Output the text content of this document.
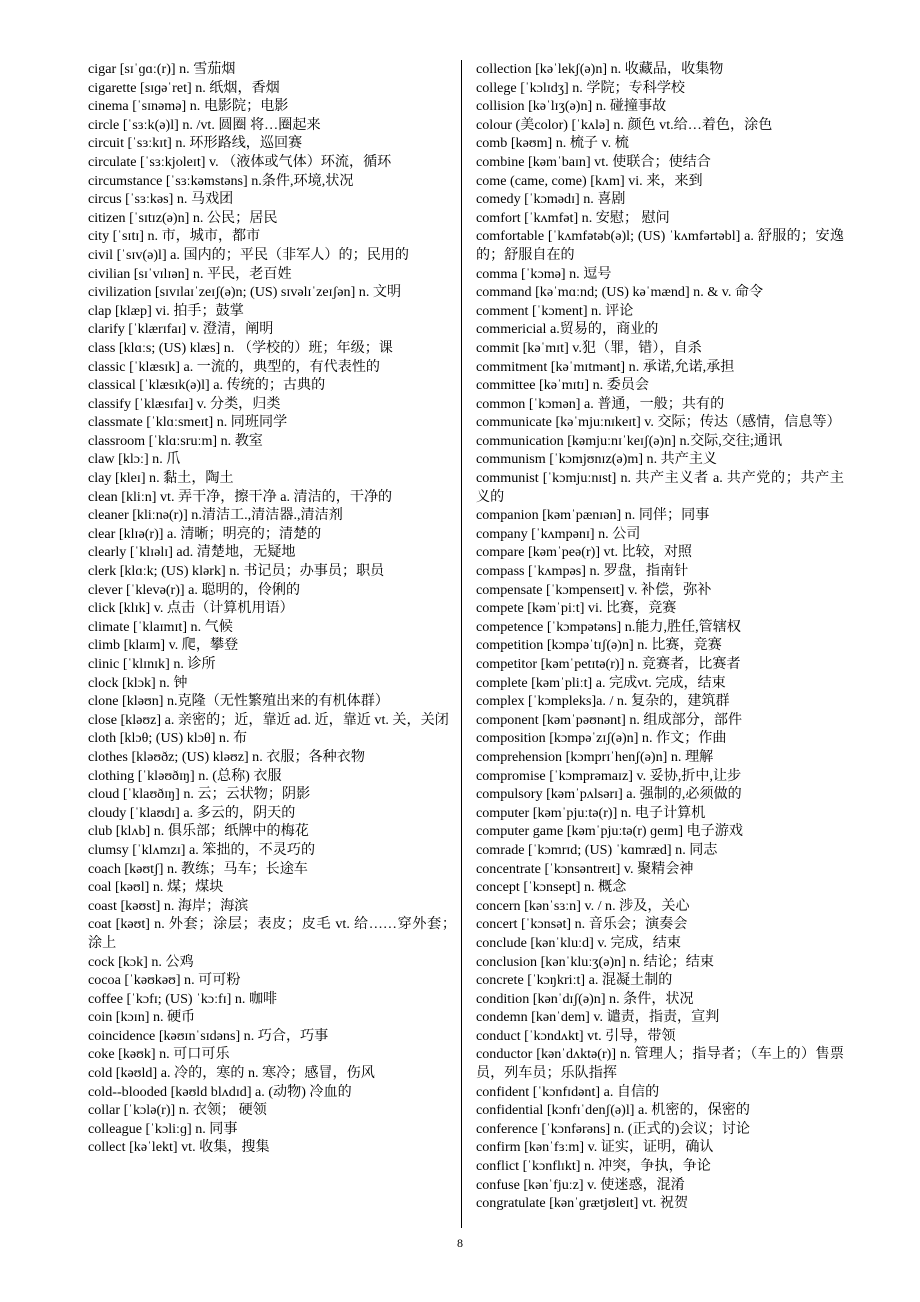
cigar [sɪˈɡɑː(r)] n. 雪茄烟

cigarette [sɪɡəˈret] n. 纸烟，香烟

cinema [ˈsɪnəmə] n. 电影院；电影

circle [ˈsɜːk(ə)l] n. /vt. 圆圈 将…圈起来

circuit [ˈsɜːkɪt] n. 环形路线，巡回赛

circulate [ˈsɜːkjoleɪt] v. （液体或气体）环流，循环

circumstance [ˈsɜːkəmstəns] n.条件,环境,状况

circus [ˈsɜːkəs] n. 马戏团

citizen [ˈsɪtɪz(ə)n] n. 公民；居民

city [ˈsɪtɪ] n. 市，城市，都市

civil [ˈsɪv(ə)l] a. 国内的；平民（非军人）的；民用的

civilian [sɪˈvɪlɪən] n. 平民，老百姓

civilization [sɪvɪlaɪˈzeɪʃ(ə)n; (US) sɪvəlɪˈzeɪʃən] n. 文明

clap [klæp] vi. 拍手；鼓掌

clarify [ˈklærɪfaɪ] v. 澄清，阐明

class [klɑːs; (US) klæs] n. （学校的）班；年级；课

classic [ˈklæsɪk] a. 一流的，典型的，有代表性的

classical [ˈklæsɪk(ə)l] a. 传统的；古典的

classify [ˈklæsɪfaɪ] v. 分类，归类

classmate [ˈklɑːsmeɪt] n. 同班同学

classroom [ˈklɑːsruːm] n. 教室

claw [klɔː] n. 爪

clay [kleɪ] n. 黏土，陶土

clean [kliːn] vt. 弄干净，擦干净 a. 清洁的，干净的

cleaner [kliːnə(r)] n.清洁工.,清洁器.,清洁剂

clear [klɪə(r)] a. 清晰；明亮的；清楚的

clearly [ˈklɪəlɪ] ad. 清楚地，无疑地

clerk [klɑːk; (US) klərk] n. 书记员；办事员；职员

clever [ˈklevə(r)] a. 聪明的，伶俐的

click [klɪk] v. 点击（计算机用语）

climate [ˈklaɪmɪt] n. 气候

climb [klaɪm] v. 爬，攀登

clinic [ˈklɪnɪk] n. 诊所

clock [klɔk] n. 钟

clone [kləʊn] n.克隆（无性繁殖出来的有机体群）

close [kləʊz] a. 亲密的；近，靠近 ad. 近，靠近 vt. 关，关闭

cloth [klɔθ; (US) klɔθ] n. 布

clothes [kləʊðz; (US) kləʊz] n. 衣服；各种衣物

clothing [ˈkləʊðɪŋ] n. (总称) 衣服

cloud [ˈklaʊðɪŋ] n. 云；云状物；阴影

cloudy [ˈklaʊdɪ] a. 多云的，阴天的

club [klʌb] n. 俱乐部；纸牌中的梅花

clumsy [ˈklʌmzɪ] a. 笨拙的，不灵巧的

coach [kəʊtʃ] n. 教练；马车；长途车

coal [kəʊl] n. 煤；煤块

coast [kəʊst] n. 海岸；海滨

coat [kəʊt] n. 外套；涂层；表皮；皮毛 vt. 给……穿外套；涂上

cock [kɔk] n. 公鸡

cocoa [ˈkəʊkəʊ] n. 可可粉

coffee [ˈkɔfɪ; (US) ˈkɔːfɪ] n. 咖啡

coin [kɔɪn] n. 硬币

coincidence [kəʊɪnˈsɪdəns] n. 巧合，巧事

coke [kəʊk] n. 可口可乐

cold [kəʊld] a. 冷的，寒的 n. 寒冷；感冒，伤风

cold--blooded [kəʊld blʌdɪd] a. (动物) 冷血的

collar [ˈkɔlə(r)] n. 衣领； 硬领

colleague [ˈkɔliːɡ] n. 同事

collect [kəˈlekt] vt. 收集，搜集

collection [kəˈlekʃ(ə)n] n. 收藏品，收集物

college [ˈkɔlɪdʒ] n. 学院；专科学校

collision [kəˈlɪʒ(ə)n] n. 碰撞事故

colour (美color) [ˈkʌlə] n. 颜色 vt.给…着色，涂色

comb [kəʊm] n. 梳子 v. 梳

combine [kəmˈbaɪn] vt. 使联合；使结合

come (came, come) [kʌm] vi. 来，来到

comedy [ˈkɔmədɪ] n. 喜剧

comfort [ˈkʌmfət] n. 安慰； 慰问

comfortable [ˈkʌmfətəb(ə)l; (US) ˈkʌmfərtəbl] a. 舒服的；安逸的；舒服自在的

comma [ˈkɔmə] n. 逗号

command [kəˈmɑːnd; (US) kəˈmænd] n. & v. 命令

comment [ˈkɔment] n. 评论

commericial a.贸易的，商业的

commit [kəˈmɪt] v.犯（罪，错），自杀

commitment [kəˈmɪtmənt] n. 承诺,允诺,承担

committee [kəˈmɪtɪ] n. 委员会

common [ˈkɔmən] a. 普通，一般；共有的

communicate [kəˈmjuːnɪkeɪt] v. 交际；传达（感情，信息等）

communication [kəmjuːnɪˈkeɪʃ(ə)n] n.交际,交往;通讯

communism [ˈkɔmjʊnɪz(ə)m] n. 共产主义

communist [ˈkɔmjuːnɪst] n. 共产主义者 a. 共产党的；共产主义的

companion [kəmˈpænɪən] n. 同伴；同事

company [ˈkʌmpənɪ] n. 公司

compare [kəmˈpeə(r)] vt. 比较，对照

compass [ˈkʌmpəs] n. 罗盘，指南针

compensate [ˈkɔmpenseɪt] v. 补偿，弥补

compete [kəmˈpiːt] vi. 比赛，竞赛

competence [ˈkɔmpətəns] n.能力,胜任,管辖权

competition [kɔmpəˈtɪʃ(ə)n] n. 比赛，竞赛

competitor [kəmˈpetɪtə(r)] n. 竞赛者，比赛者

complete [kəmˈpliːt] a. 完成vt. 完成，结束

complex [ˈkɔmpleks]a. / n. 复杂的，建筑群

component [kəmˈpəʊnənt] n. 组成部分，部件

composition [kɔmpəˈzɪʃ(ə)n] n. 作文；作曲

comprehension [kɔmprɪˈhenʃ(ə)n] n. 理解

compromise [ˈkɔmprəmaɪz] v. 妥协,折中,让步

compulsory [kəmˈpʌlsərɪ] a. 强制的,必须做的

computer [kəmˈpjuːtə(r)] n. 电子计算机

computer game [kəmˈpjuːtə(r) ɡeɪm] 电子游戏

comrade [ˈkɔmrɪd; (US) ˈkɑmræd] n. 同志

concentrate [ˈkɔnsəntreɪt] v. 聚精会神

concept [ˈkɔnsept] n. 概念

concern [kənˈsɜːn] v. / n. 涉及，关心

concert [ˈkɔnsət] n. 音乐会；演奏会

conclude [kənˈkluːd] v. 完成，结束

conclusion [kənˈkluːʒ(ə)n] n. 结论；结束

concrete [ˈkɔŋkriːt] a. 混凝土制的

condition [kənˈdɪʃ(ə)n] n. 条件，状况

condemn [kənˈdem] v. 谴责，指责，宣判

conduct [ˈkɔndʌkt] vt. 引导，带领

conductor [kənˈdʌktə(r)] n. 管理人；指导者；（车上的）售票员，列车员；乐队指挥

confident [ˈkɔnfɪdənt] a. 自信的

confidential [kɔnfɪˈdenʃ(ə)l] a. 机密的，保密的

conference [ˈkɔnfərəns] n. (正式的)会议；讨论

confirm [kənˈfɜːm] v. 证实，证明，确认

conflict [ˈkɔnflɪkt] n. 冲突，争执，争论

confuse [kənˈfjuːz] v. 使迷惑，混淆

congratulate [kənˈɡrætjʊleɪt] vt. 祝贺

8
